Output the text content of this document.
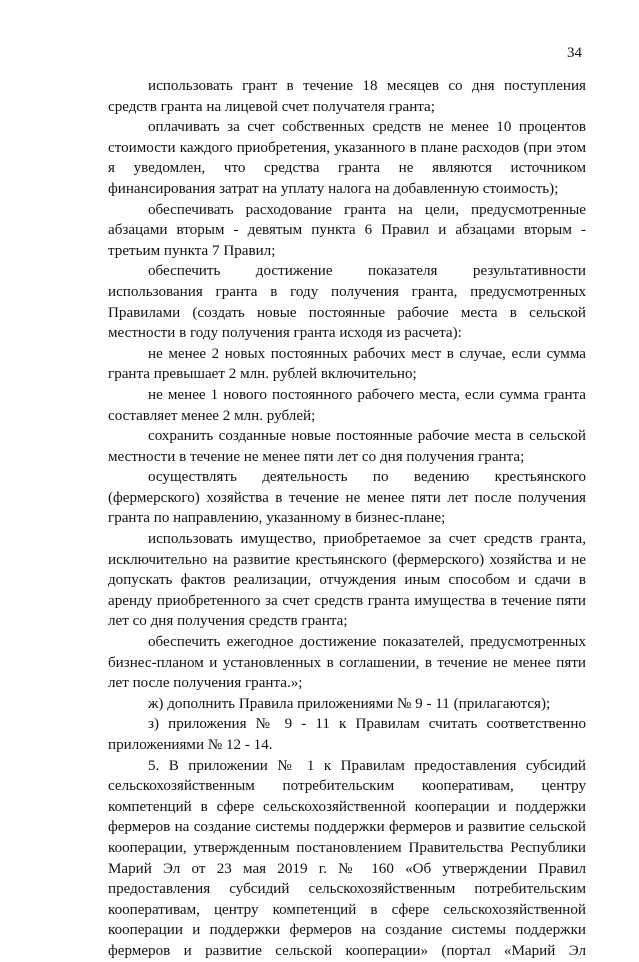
34

использовать грант в течение 18 месяцев со дня поступления средств гранта на лицевой счет получателя гранта;

оплачивать за счет собственных средств не менее 10 процентов стоимости каждого приобретения, указанного в плане расходов (при этом я уведомлен, что средства гранта не являются источником финансирования затрат на уплату налога на добавленную стоимость);

обеспечивать расходование гранта на цели, предусмотренные абзацами вторым - девятым пункта 6 Правил и абзацами вторым - третьим пункта 7 Правил;

обеспечить достижение показателя результативности использования гранта в году получения гранта, предусмотренных Правилами (создать новые постоянные рабочие места в сельской местности в году получения гранта исходя из расчета):

не менее 2 новых постоянных рабочих мест в случае, если сумма гранта превышает 2 млн. рублей включительно;

не менее 1 нового постоянного рабочего места, если сумма гранта составляет менее 2 млн. рублей;

сохранить созданные новые постоянные рабочие места в сельской местности в течение не менее пяти лет со дня получения гранта;

осуществлять деятельность по ведению крестьянского (фермерского) хозяйства в течение не менее пяти лет после получения гранта по направлению, указанному в бизнес-плане;

использовать имущество, приобретаемое за счет средств гранта, исключительно на развитие крестьянского (фермерского) хозяйства и не допускать фактов реализации, отчуждения иным способом и сдачи в аренду приобретенного за счет средств гранта имущества в течение пяти лет со дня получения средств гранта;

обеспечить ежегодное достижение показателей, предусмотренных бизнес-планом и установленных в соглашении, в течение не менее пяти лет после получения гранта.»;

ж) дополнить Правила приложениями № 9 - 11 (прилагаются);

з) приложения № 9 - 11 к Правилам считать соответственно приложениями № 12 - 14.

5. В приложении № 1 к Правилам предоставления субсидий сельскохозяйственным потребительским кооперативам, центру компетенций в сфере сельскохозяйственной кооперации и поддержки фермеров на создание системы поддержки фермеров и развитие сельской кооперации, утвержденным постановлением Правительства Республики Марий Эл от 23 мая 2019 г. № 160 «Об утверждении Правил предоставления субсидий сельскохозяйственным потребительским кооперативам, центру компетенций в сфере сельскохозяйственной кооперации и поддержки фермеров на создание системы поддержки фермеров и развитие сельской кооперации» (портал «Марий Эл
